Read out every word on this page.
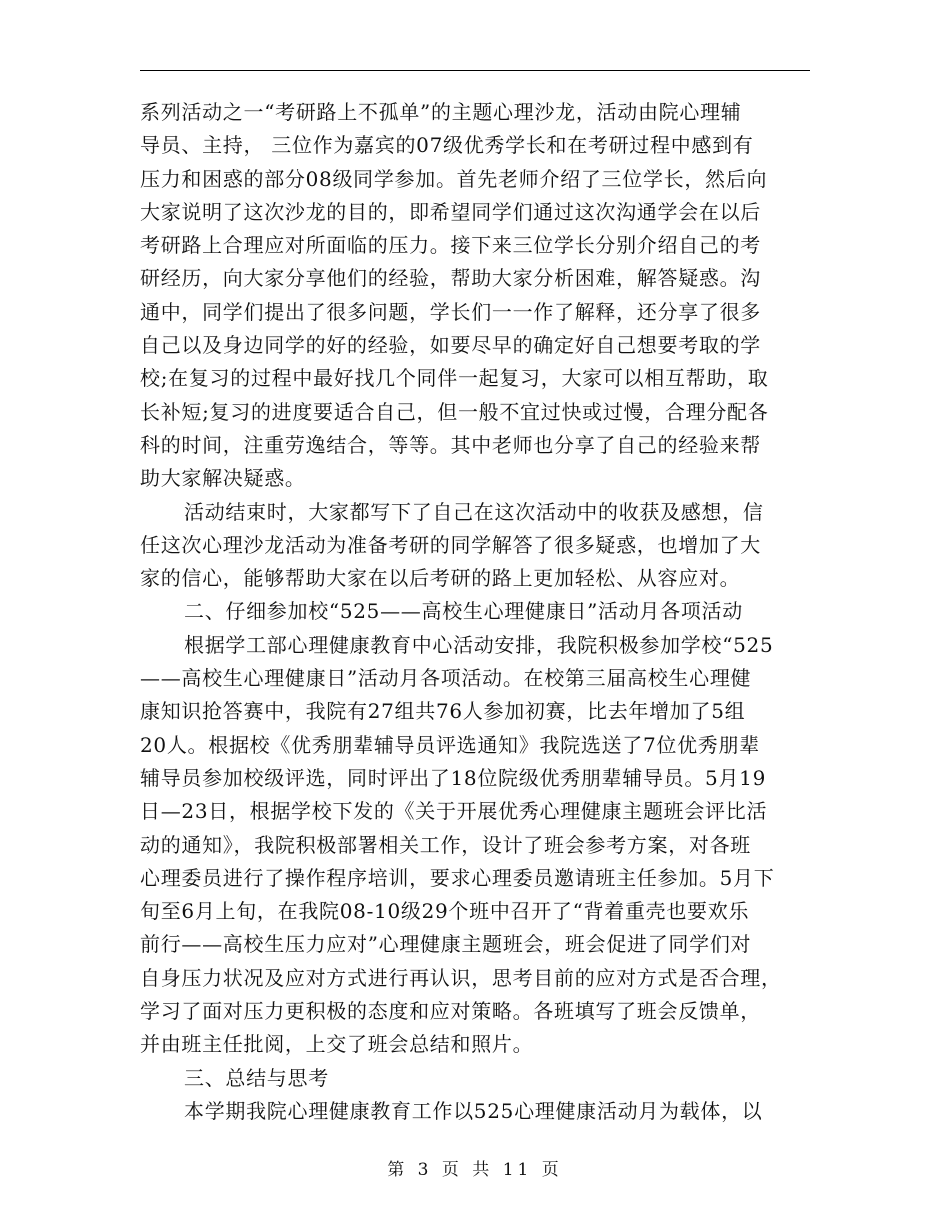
系列活动之一“考研路上不孤单”的主题心理沙龙，活动由院心理辅
导员、主持， 三位作为嘉宾的07级优秀学长和在考研过程中感到有
压力和困惑的部分08级同学参加。首先老师介绍了三位学长，然后向
大家说明了这次沙龙的目的，即希望同学们通过这次沟通学会在以后
考研路上合理应对所面临的压力。接下来三位学长分别介绍自己的考
研经历，向大家分享他们的经验，帮助大家分析困难，解答疑惑。沟
通中，同学们提出了很多问题，学长们一一作了解释，还分享了很多
自己以及身边同学的好的经验，如要尽早的确定好自己想要考取的学
校;在复习的过程中最好找几个同伴一起复习，大家可以相互帮助，取
长补短;复习的进度要适合自己，但一般不宜过快或过慢，合理分配各
科的时间，注重劳逸结合，等等。其中老师也分享了自己的经验来帮
助大家解决疑惑。
活动结束时，大家都写下了自己在这次活动中的收获及感想，信
任这次心理沙龙活动为准备考研的同学解答了很多疑惑，也增加了大
家的信心，能够帮助大家在以后考研的路上更加轻松、从容应对。
二、仔细参加校“525——高校生心理健康日”活动月各项活动
根据学工部心理健康教育中心活动安排，我院积极参加学校“525
——高校生心理健康日”活动月各项活动。在校第三届高校生心理健
康知识抢答赛中，我院有27组共76人参加初赛，比去年增加了5组
20人。根据校《优秀朋辈辅导员评选通知》我院选送了7位优秀朋辈
辅导员参加校级评选，同时评出了18位院级优秀朋辈辅导员。5月19
日—23日，根据学校下发的《关于开展优秀心理健康主题班会评比活
动的通知》，我院积极部署相关工作，设计了班会参考方案，对各班
心理委员进行了操作程序培训，要求心理委员邀请班主任参加。5月下
旬至6月上旬，在我院08-10级29个班中召开了“背着重壳也要欢乐
前行——高校生压力应对”心理健康主题班会，班会促进了同学们对
自身压力状况及应对方式进行再认识，思考目前的应对方式是否合理，
学习了面对压力更积极的态度和应对策略。各班填写了班会反馈单，
并由班主任批阅，上交了班会总结和照片。
三、总结与思考
本学期我院心理健康教育工作以525心理健康活动月为载体，以
第 3 页 共 11 页
